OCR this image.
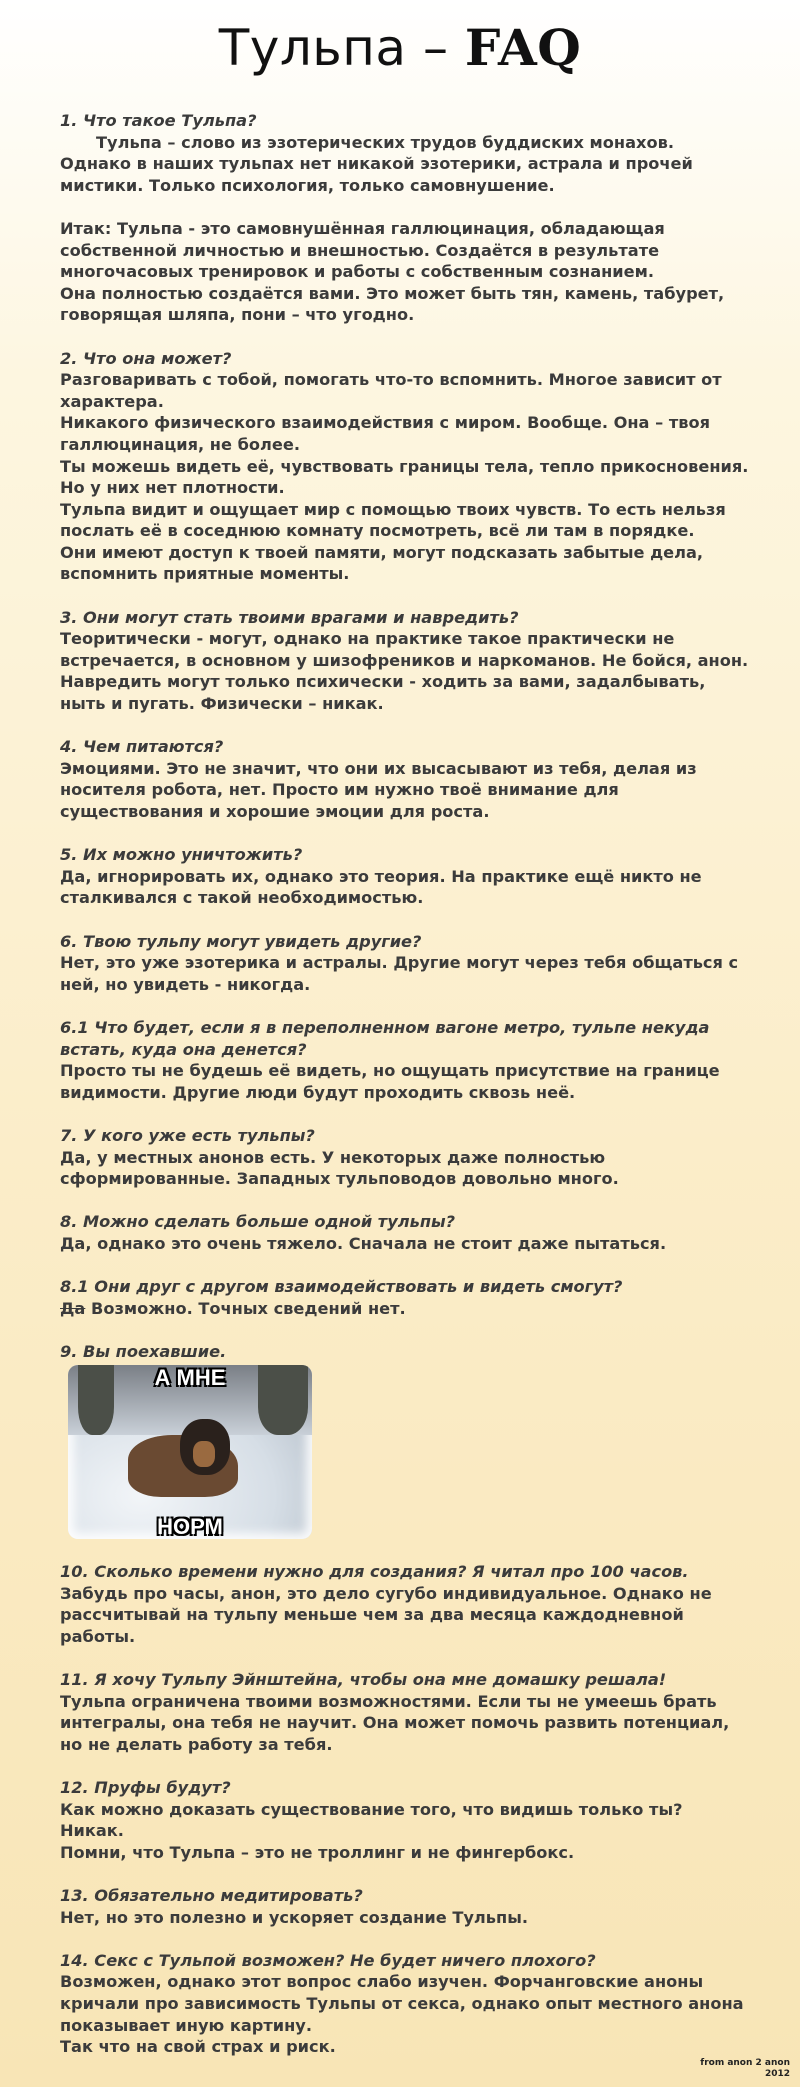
Тульпа – FAQ
1. Что такое Тульпа?
Тульпа – слово из эзотерических трудов буддиских монахов. Однако в наших тульпах нет никакой эзотерики, астрала и прочей мистики. Только психология, только самовнушение.
Итак: Тульпа - это самовнушённая галлюцинация, обладающая собственной личностью и внешностью. Создаётся в результате многочасовых тренировок и работы с собственным сознанием.
Она полностью создаётся вами. Это может быть тян, камень, табурет, говорящая шляпа, пони – что угодно.
2. Что она может?
Разговаривать с тобой, помогать что-то вспомнить. Многое зависит от характера.
Никакого физического взаимодействия с миром. Вообще. Она – твоя галлюцинация, не более.
Ты можешь видеть её, чувствовать границы тела, тепло прикосновения. Но у них нет плотности.
Тульпа видит и ощущает мир с помощью твоих чувств. То есть нельзя послать её в соседнюю комнату посмотреть, всё ли там в порядке.
Они имеют доступ к твоей памяти, могут подсказать забытые дела, вспомнить приятные моменты.
3. Они могут стать твоими врагами и навредить?
Теоритически - могут, однако на практике такое практически не встречается, в основном у шизофреников и наркоманов. Не бойся, анон.
Навредить могут только психически - ходить за вами, задалбывать, ныть и пугать. Физически – никак.
4. Чем питаются?
Эмоциями. Это не значит, что они их высасывают из тебя, делая из носителя робота, нет. Просто им нужно твоё внимание для существования и хорошие эмоции для роста.
5. Их можно уничтожить?
Да, игнорировать их, однако это теория. На практике ещё никто не сталкивался с такой необходимостью.
6. Твою тульпу могут увидеть другие?
Нет, это уже эзотерика и астралы. Другие могут через тебя общаться с ней, но увидеть - никогда.
6.1 Что будет, если я в переполненном вагоне метро, тульпе некуда встать, куда она денется?
Просто ты не будешь её видеть, но ощущать присутствие на границе видимости. Другие люди будут проходить сквозь неё.
7. У кого уже есть тульпы?
Да, у местных анонов есть. У некоторых даже полностью сформированные. Западных тульповодов довольно много.
8. Можно сделать больше одной тульпы?
Да, однако это очень тяжело. Сначала не стоит даже пытаться.
8.1 Они друг с другом взаимодействовать и видеть смогут?
Да Возможно. Точных сведений нет.
9. Вы поехавшие.
А МНЕ
НОРМ
10. Сколько времени нужно для создания? Я читал про 100 часов.
Забудь про часы, анон, это дело сугубо индивидуальное. Однако не рассчитывай на тульпу меньше чем за два месяца каждодневной работы.
11. Я хочу Тульпу Эйнштейна, чтобы она мне домашку решала!
Тульпа ограничена твоими возможностями. Если ты не умеешь брать интегралы, она тебя не научит. Она может помочь развить потенциал, но не делать работу за тебя.
12. Пруфы будут?
Как можно доказать существование того, что видишь только ты? Никак.
Помни, что Тульпа – это не троллинг и не фингербокс.
13. Обязательно медитировать?
Нет, но это полезно и ускоряет создание Тульпы.
14. Секс с Тульпой возможен? Не будет ничего плохого?
Возможен, однако этот вопрос слабо изучен. Форчанговские аноны кричали про зависимость Тульпы от секса, однако опыт местного анона показывает иную картину.
Так что на свой страх и риск.
from anon 2 anon
2012
